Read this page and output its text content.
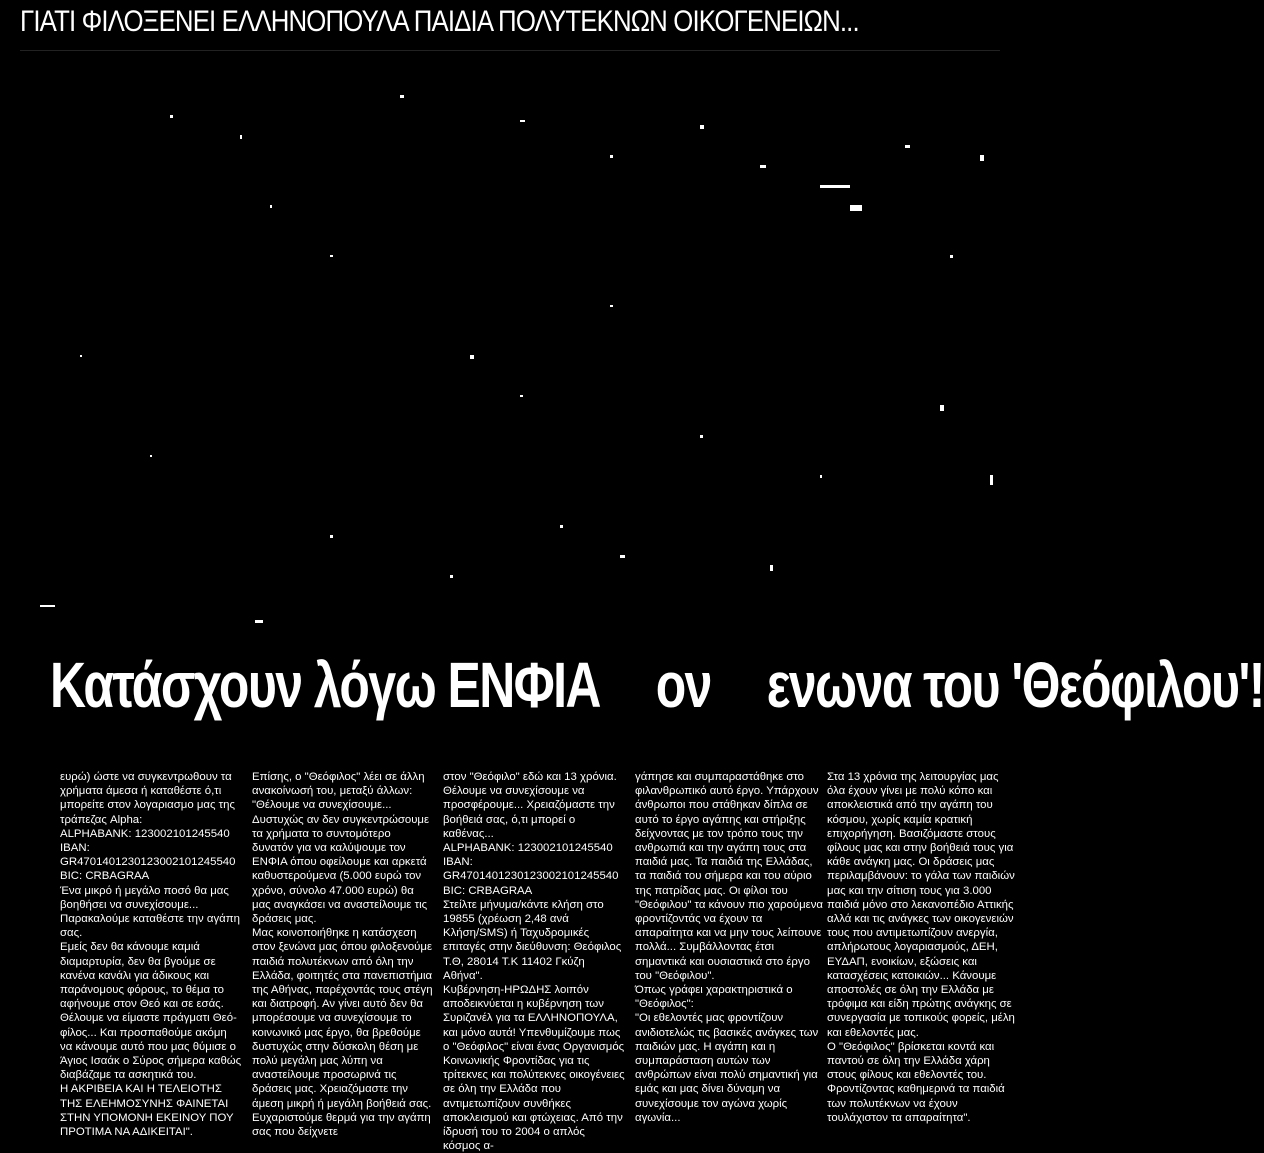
ΓΙΑΤΙ ΦΙΛΟΞΕΝΕΙ ΕΛΛΗΝΟΠΟΥΛΑ ΠΑΙΔΙΑ ΠΟΛΥΤΕΚΝΩΝ ΟΙΚΟΓΕΝΕΙΩΝ...
Κατάσχουν λόγω ΕΝΦΙΑ ον ενωνα του 'Θεόφιλου'!

ευρώ) ώστε να συγκεντρωθουν τα χρήματα άμεσα ή καταθέστε ό,τι μπορείτε στον λογαριασμο μας της τράπεζας Alpha:

ALPHABANK: 123002101245540

IBAN:

GR4701401230123002101245540

BIC: CRBAGRAA

Ένα μικρό ή μεγάλο ποσό θα μας βοηθήσει να συνεχίσουμε... Παρακαλούμε καταθέστε την αγάπη σας.

Εμείς δεν θα κάνουμε καμιά διαμαρτυρία, δεν θα βγούμε σε κανένα κανάλι για άδικους και παράνομους φόρους, το θέμα το αφήνουμε στον Θεό και σε εσάς. Θέλουμε να είμαστε πράγματι Θεό-φίλος... Και προσπαθούμε ακόμη να κάνουμε αυτό που μας θύμισε ο Άγιος Ισαάκ ο Σύρος σήμερα καθώς διαβάζαμε τα ασκητικά του.

Η ΑΚΡΙΒΕΙΑ ΚΑΙ Η ΤΕΛΕΙΟΤΗΣ ΤΗΣ ΕΛΕΗΜΟΣΥΝΗΣ ΦΑΙΝΕΤΑΙ ΣΤΗΝ ΥΠΟΜΟΝΗ ΕΚΕΙΝΟΥ ΠΟΥ ΠΡΟΤΙΜΑ ΝΑ ΑΔΙΚΕΙΤΑΙ".

Επίσης, ο "Θεόφιλος" λέει σε άλλη ανακοίνωσή του, μεταξύ άλλων:

"Θέλουμε να συνεχίσουμε...

Δυστυχώς αν δεν συγκεντρώσουμε τα χρήματα το συντομότερο δυνατόν για να καλύψουμε τον ΕΝΦΙΑ όπου οφείλουμε και αρκετά καθυστερούμενα (5.000 ευρώ τον χρόνο, σύνολο 47.000 ευρώ) θα μας αναγκάσει να αναστείλουμε τις δράσεις μας.

Μας κοινοποιήθηκε η κατάσχεση στον ξενώνα μας όπου φιλοξενούμε παιδιά πολυτέκνων από όλη την Ελλάδα, φοιτητές στα πανεπιστήμια της Αθήνας, παρέχοντάς τους στέγη και διατροφή. Αν γίνει αυτό δεν θα μπορέσουμε να συνεχίσουμε το κοινωνικό μας έργο, θα βρεθούμε δυστυχώς στην δύσκολη θέση με πολύ μεγάλη μας λύπη να αναστείλουμε προσωρινά τις δράσεις μας. Χρειαζόμαστε την άμεση μικρή ή μεγάλη βοήθειά σας. Ευχαριστούμε θερμά για την αγάπη σας που δείχνετε

στον "Θεόφιλο" εδώ και 13 χρόνια.

Θέλουμε να συνεχίσουμε να προσφέρουμε... Χρειαζόμαστε την βοήθειά σας, ό,τι μπορεί ο καθένας...

ALPHABANK: 123002101245540

IBAN:

GR4701401230123002101245540

BIC: CRBAGRAA

Στείλτε μήνυμα/κάντε κλήση στο 19855 (χρέωση 2,48 ανά Κλήση/SMS) ή Ταχυδρομικές επιταγές στην διεύθυνση: Θεόφιλος Τ.Θ, 28014 Τ.Κ 11402 Γκύζη Αθήνα".

Κυβέρνηση-ΗΡΩΔΗΣ λοιπόν αποδεικνύεται η κυβέρνηση των Συριζανέλ για τα ΕΛΛΗΝΟΠΟΥΛΑ, και μόνο αυτά! Υπενθυμίζουμε πως ο "Θεόφιλος" είναι ένας Οργανισμός Κοινωνικής Φροντίδας για τις τρίτεκνες και πολύτεκνες οικογένειες σε όλη την Ελλάδα που αντιμετωπίζουν συνθήκες αποκλεισμού και φτώχειας. Από την ίδρυσή του το 2004 ο απλός κόσμος α-

γάπησε και συμπαραστάθηκε στο φιλανθρωπικό αυτό έργο. Υπάρχουν άνθρωποι που στάθηκαν δίπλα σε αυτό το έργο αγάπης και στήριξης δείχνοντας με τον τρόπο τους την ανθρωπιά και την αγάπη τους στα παιδιά μας. Τα παιδιά της Ελλάδας, τα παιδιά του σήμερα και του αύριο της πατρίδας μας. Οι φίλοι του "Θεόφιλου" τα κάνουν πιο χαρούμενα φροντίζοντάς να έχουν τα απαραίτητα και να μην τους λείπουνε πολλά... Συμβάλλοντας έτσι σημαντικά και ουσιαστικά στο έργο του "Θεόφιλου".

Όπως γράφει χαρακτηριστικά ο "Θεόφιλος":

"Οι εθελοντές μας φροντίζουν ανιδιοτελώς τις βασικές ανάγκες των παιδιών μας. Η αγάπη και η συμπαράσταση αυτών των ανθρώπων είναι πολύ σημαντική για εμάς και μας δίνει δύναμη να συνεχίσουμε τον αγώνα χωρίς αγωνία...

Στα 13 χρόνια της λειτουργίας μας όλα έχουν γίνει με πολύ κόπο και αποκλειστικά από την αγάπη του κόσμου, χωρίς καμία κρατική επιχορήγηση. Βασιζόμαστε στους φίλους μας και στην βοήθειά τους για κάθε ανάγκη μας. Οι δράσεις μας περιλαμβάνουν: το γάλα των παιδιών μας και την σίτιση τους για 3.000 παιδιά μόνο στο λεκανοπέδιο Αττικής αλλά και τις ανάγκες των οικογενειών τους που αντιμετωπίζουν ανεργία, απλήρωτους λογαριασμούς, ΔΕΗ, ΕΥΔΑΠ, ενοικίων, εξώσεις και κατασχέσεις κατοικιών... Κάνουμε αποστολές σε όλη την Ελλάδα με τρόφιμα και είδη πρώτης ανάγκης σε συνεργασία με τοπικούς φορείς, μέλη και εθελοντές μας.

Ο "Θεόφιλος" βρίσκεται κοντά και παντού σε όλη την Ελλάδα χάρη στους φίλους και εθελοντές του. Φροντίζοντας καθημερινά τα παιδιά των πολυτέκνων να έχουν τουλάχιστον τα απαραίτητα".
